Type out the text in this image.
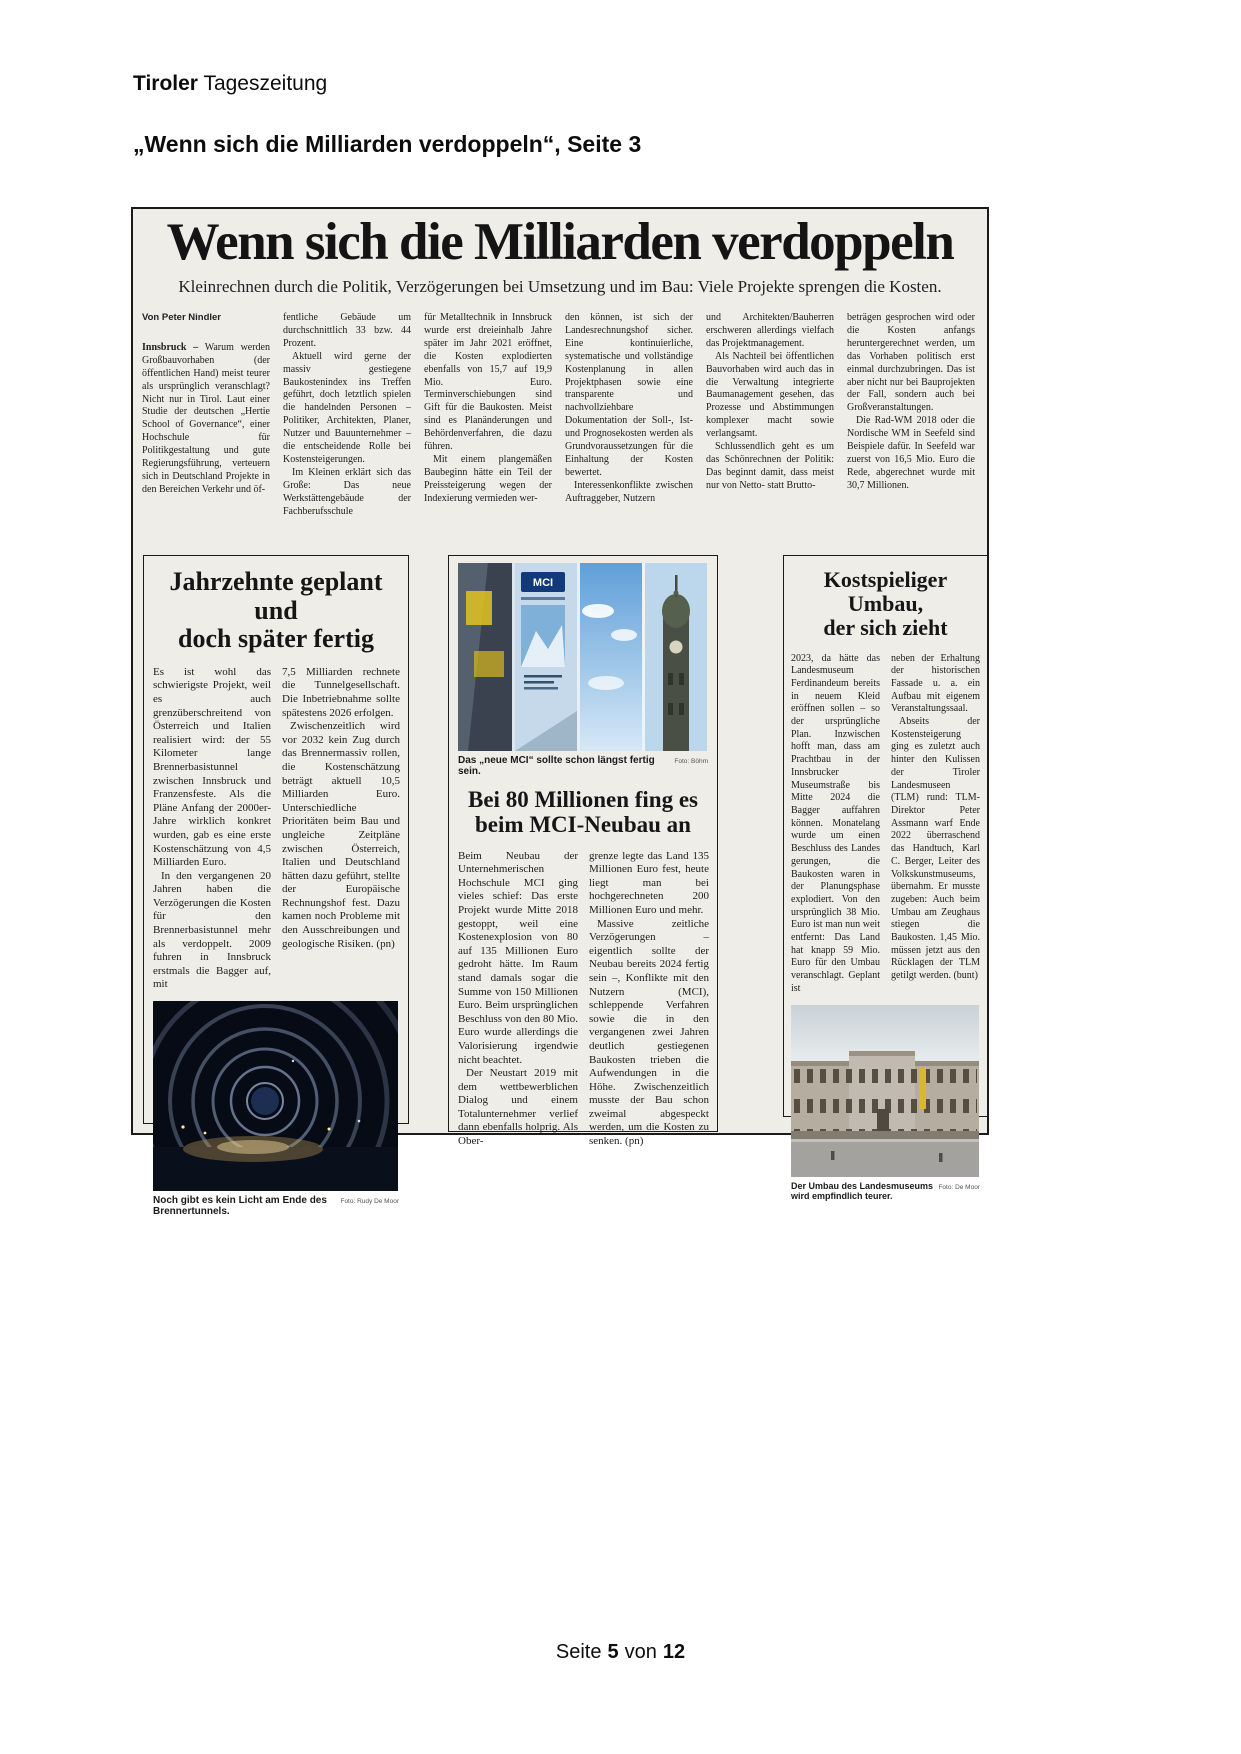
Tiroler Tageszeitung
„Wenn sich die Milliarden verdoppeln“, Seite 3
Wenn sich die Milliarden verdoppeln
Kleinrechnen durch die Politik, Verzögerungen bei Umsetzung und im Bau: Viele Projekte sprengen die Kosten.
Von Peter Nindler

Innsbruck – Warum werden Großbauvorhaben (der öffentlichen Hand) meist teurer als ursprünglich veranschlagt? Nicht nur in Tirol. Laut einer Studie der deutschen „Hertie School of Governance“, einer Hochschule für Politikgestaltung und gute Regierungsführung, verteuern sich in Deutschland Projekte in den Bereichen Verkehr und öf-

fentliche Gebäude um durchschnittlich 33 bzw. 44 Prozent.

Aktuell wird gerne der massiv gestiegene Baukostenindex ins Treffen geführt, doch letztlich spielen die handelnden Personen – Politiker, Architekten, Planer, Nutzer und Bauunternehmer – die entscheidende Rolle bei Kostensteigerungen.

Im Kleinen erklärt sich das Große: Das neue Werkstättengebäude der Fachberufsschule

für Metalltechnik in Innsbruck wurde erst dreieinhalb Jahre später im Jahr 2021 eröffnet, die Kosten explodierten ebenfalls von 15,7 auf 19,9 Mio. Euro. Terminverschiebungen sind Gift für die Baukosten. Meist sind es Planänderungen und Behördenverfahren, die dazu führen.

Mit einem plangemäßen Baubeginn hätte ein Teil der Preissteigerung wegen der Indexierung vermieden wer-

den können, ist sich der Landesrechnungshof sicher. Eine kontinuierliche, systematische und vollständige Kostenplanung in allen Projektphasen sowie eine transparente und nachvollziehbare Dokumentation der Soll-, Ist- und Prognosekosten werden als Grundvoraussetzungen für die Einhaltung der Kosten bewertet.

Interessenkonflikte zwischen Auftraggeber, Nutzern

und Architekten/Bauherren erschweren allerdings vielfach das Projektmanagement.

Als Nachteil bei öffentlichen Bauvorhaben wird auch das in die Verwaltung integrierte Baumanagement gesehen, das Prozesse und Abstimmungen komplexer macht sowie verlangsamt.

Schlussendlich geht es um das Schönrechnen der Politik: Das beginnt damit, dass meist nur von Netto- statt Brutto-

beträgen gesprochen wird oder die Kosten anfangs heruntergerechnet werden, um das Vorhaben politisch erst einmal durchzubringen. Das ist aber nicht nur bei Bauprojekten der Fall, sondern auch bei Großveranstaltungen.

Die Rad-WM 2018 oder die Nordische WM in Seefeld sind Beispiele dafür. In Seefeld war zuerst von 16,5 Mio. Euro die Rede, abgerechnet wurde mit 30,7 Millionen.

Jahrzehnte geplant und
doch später fertig

Es ist wohl das schwierigste Projekt, weil es auch grenzüberschreitend von Österreich und Italien realisiert wird: der 55 Kilometer lange Brennerbasistunnel zwischen Innsbruck und Franzensfeste. Als die Pläne Anfang der 2000er-Jahre wirklich konkret wurden, gab es eine erste Kostenschätzung von 4,5 Milliarden Euro.

In den vergangenen 20 Jahren haben die Verzögerungen die Kosten für den Brennerbasistunnel mehr als verdoppelt. 2009 fuhren in Innsbruck erstmals die Bagger auf, mit

7,5 Milliarden rechnete die Tunnelgesellschaft. Die Inbetriebnahme sollte spätestens 2026 erfolgen.

Zwischenzeitlich wird vor 2032 kein Zug durch das Brennermassiv rollen, die Kostenschätzung beträgt aktuell 10,5 Milliarden Euro. Unterschiedliche Prioritäten beim Bau und ungleiche Zeitpläne zwischen Österreich, Italien und Deutschland hätten dazu geführt, stellte der Europäische Rechnungshof fest. Dazu kamen noch Probleme mit den Ausschreibungen und geologische Risiken. (pn)

Noch gibt es kein Licht am Ende des Brennertunnels.
Foto: Rudy De Moor
MCI
Das „neue MCI“ sollte schon längst fertig sein.
Foto: Böhm
Bei 80 Millionen fing es
beim MCI-Neubau an

Beim Neubau der Unternehmerischen Hochschule MCI ging vieles schief: Das erste Projekt wurde Mitte 2018 gestoppt, weil eine Kostenexplosion von 80 auf 135 Millionen Euro gedroht hätte. Im Raum stand damals sogar die Summe von 150 Millionen Euro. Beim ursprünglichen Beschluss von den 80 Mio. Euro wurde allerdings die Valorisierung irgendwie nicht beachtet.

Der Neustart 2019 mit dem wettbewerblichen Dialog und einem Totalunternehmer verlief dann ebenfalls holprig. Als Ober-

grenze legte das Land 135 Millionen Euro fest, heute liegt man bei hochgerechneten 200 Millionen Euro und mehr.

Massive zeitliche Verzögerungen – eigentlich sollte der Neubau bereits 2024 fertig sein –, Konflikte mit den Nutzern (MCI), schleppende Verfahren sowie die in den vergangenen zwei Jahren deutlich gestiegenen Baukosten trieben die Aufwendungen in die Höhe. Zwischenzeitlich musste der Bau schon zweimal abgespeckt werden, um die Kosten zu senken. (pn)

Kostspieliger Umbau,
der sich zieht

2023, da hätte das Landesmuseum Ferdinandeum bereits in neuem Kleid eröffnen sollen – so der ursprüngliche Plan. Inzwischen hofft man, dass am Prachtbau in der Innsbrucker Museumstraße bis Mitte 2024 die Bagger auffahren können. Monatelang wurde um einen Beschluss des Landes gerungen, die Baukosten waren in der Planungsphase explodiert. Von den ursprünglich 38 Mio. Euro ist man nun weit entfernt: Das Land hat knapp 59 Mio. Euro für den Umbau veranschlagt. Geplant ist

neben der Erhaltung der historischen Fassade u. a. ein Aufbau mit eigenem Veranstaltungssaal.

Abseits der Kostensteigerung ging es zuletzt auch hinter den Kulissen der Tiroler Landesmuseen (TLM) rund: TLM-Direktor Peter Assmann warf Ende 2022 überraschend das Handtuch, Karl C. Berger, Leiter des Volkskunstmuseums, übernahm. Er musste zugeben: Auch beim Umbau am Zeughaus stiegen die Baukosten. 1,45 Mio. müssen jetzt aus den Rücklagen der TLM getilgt werden. (bunt)

Der Umbau des Landesmuseums wird empfindlich teurer.
Foto: De Moor
Seite 5 von 12
